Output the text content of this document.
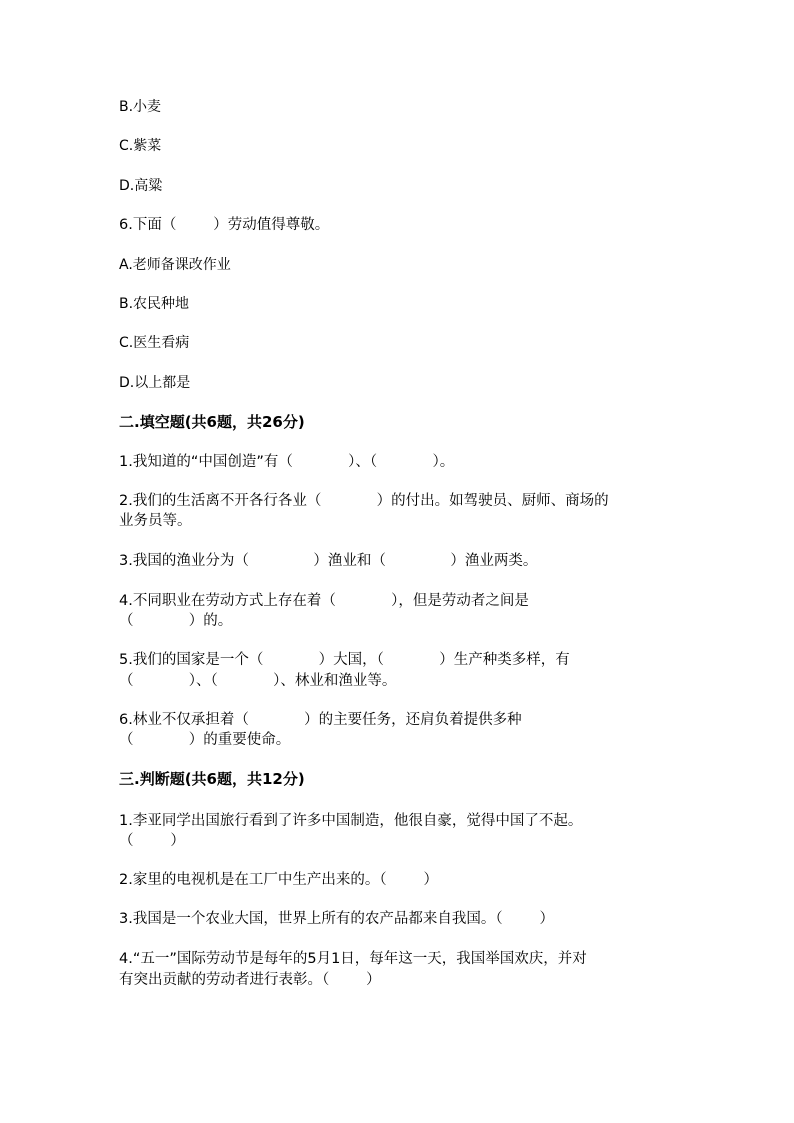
B.小麦
C.紫菜
D.高粱
6.下面（        ）劳动值得尊敬。
A.老师备课改作业
B.农民种地
C.医生看病
D.以上都是
二.填空题(共6题，共26分)
1.我知道的“中国创造”有（            ）、（            ）。
2.我们的生活离不开各行各业（            ）的付出。如驾驶员、厨师、商场的
业务员等。
3.我国的渔业分为（              ）渔业和（              ）渔业两类。
4.不同职业在劳动方式上存在着（            ），但是劳动者之间是
（            ）的。
5.我们的国家是一个（            ）大国，（            ）生产种类多样，有
（            ）、（            ）、林业和渔业等。
6.林业不仅承担着（            ）的主要任务，还肩负着提供多种
（            ）的重要使命。
三.判断题(共6题，共12分)
1.李亚同学出国旅行看到了许多中国制造，他很自豪，觉得中国了不起。
（        ）
2.家里的电视机是在工厂中生产出来的。（        ）
3.我国是一个农业大国，世界上所有的农产品都来自我国。（        ）
4.“五一”国际劳动节是每年的5月1日，每年这一天，我国举国欢庆，并对
有突出贡献的劳动者进行表彰。（        ）
